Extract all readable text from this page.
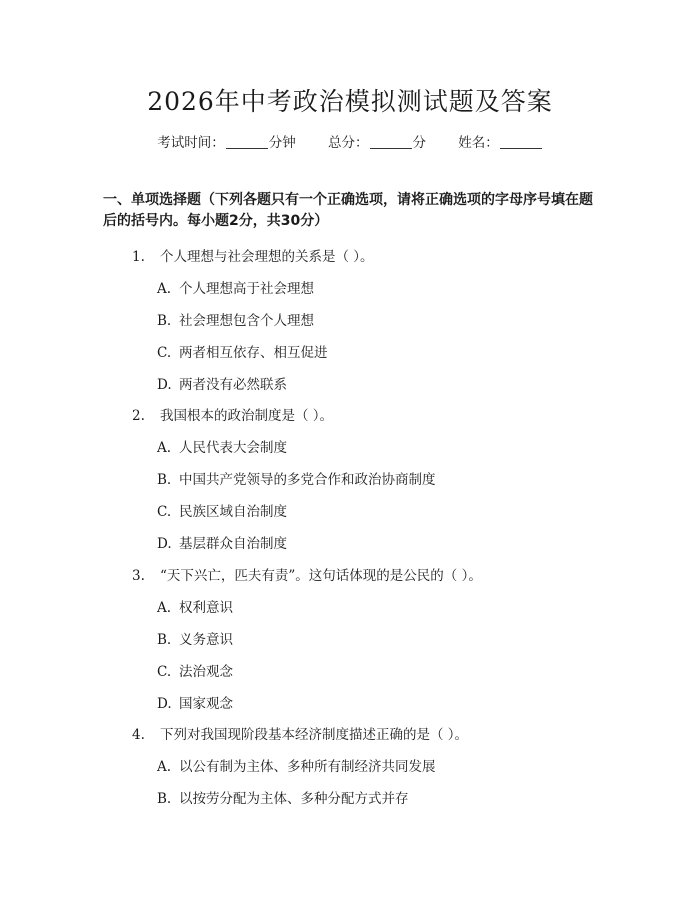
2026年中考政治模拟测试题及答案
考试时间：	分钟 总分：	分 姓名：
一、单项选择题（下列各题只有一个正确选项，请将正确选项的字母序号填在题后的括号内。每小题2分，共30分）
1. 个人理想与社会理想的关系是（ ）。
A. 个人理想高于社会理想
B. 社会理想包含个人理想
C. 两者相互依存、相互促进
D. 两者没有必然联系
2. 我国根本的政治制度是（ ）。
A. 人民代表大会制度
B. 中国共产党领导的多党合作和政治协商制度
C. 民族区域自治制度
D. 基层群众自治制度
3. “天下兴亡，匹夫有责”。这句话体现的是公民的（ ）。
A. 权利意识
B. 义务意识
C. 法治观念
D. 国家观念
4. 下列对我国现阶段基本经济制度描述正确的是（ ）。
A. 以公有制为主体、多种所有制经济共同发展
B. 以按劳分配为主体、多种分配方式并存
